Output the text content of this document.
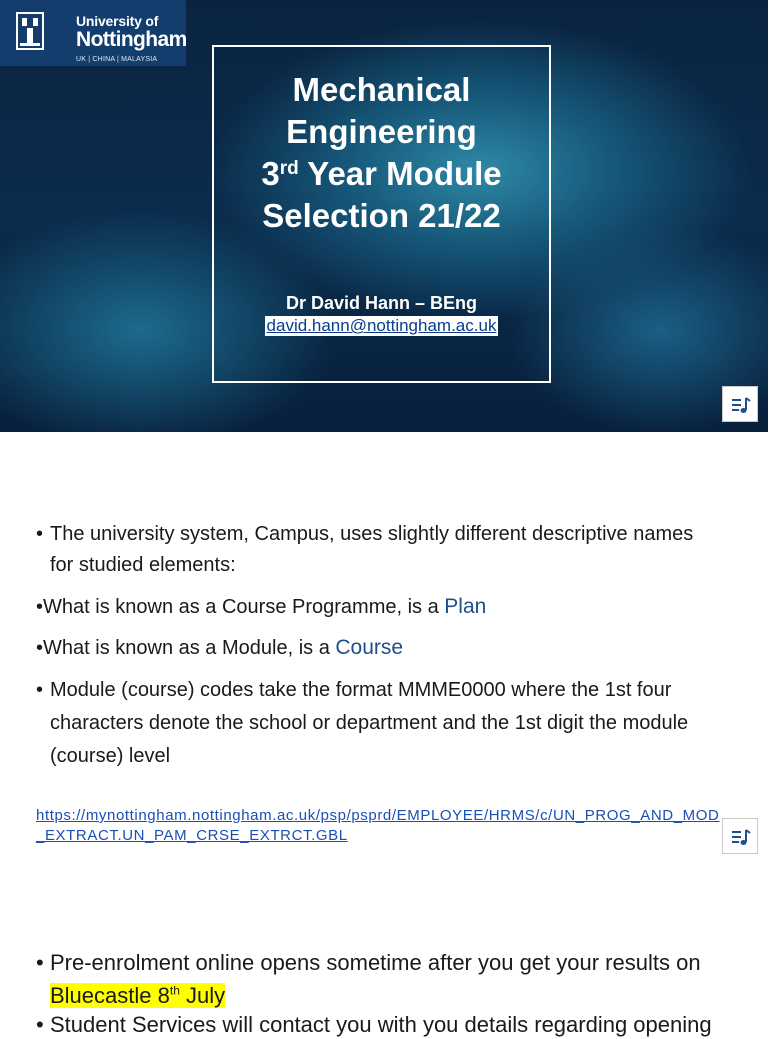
University of
Nottingham
UK | CHINA | MALAYSIA
Mechanical
Engineering
3rd Year Module
Selection 21/22
Dr David Hann – BEng
david.hann@nottingham.ac.uk
• The university system, Campus, uses slightly different descriptive names for studied elements:
•What is known as a Course Programme, is a Plan
•What is known as a Module, is a Course
• Module (course) codes take the format MMME0000 where the 1st four characters denote the school or department and the 1st digit the module (course) level
https://mynottingham.nottingham.ac.uk/psp/psprd/EMPLOYEE/HRMS/c/UN_PROG_AND_MOD_EXTRACT.UN_PAM_CRSE_EXTRCT.GBL
• Pre-enrolment online opens sometime after you get your results on
Bluecastle 8th July
• Student Services will contact you with you details regarding opening
